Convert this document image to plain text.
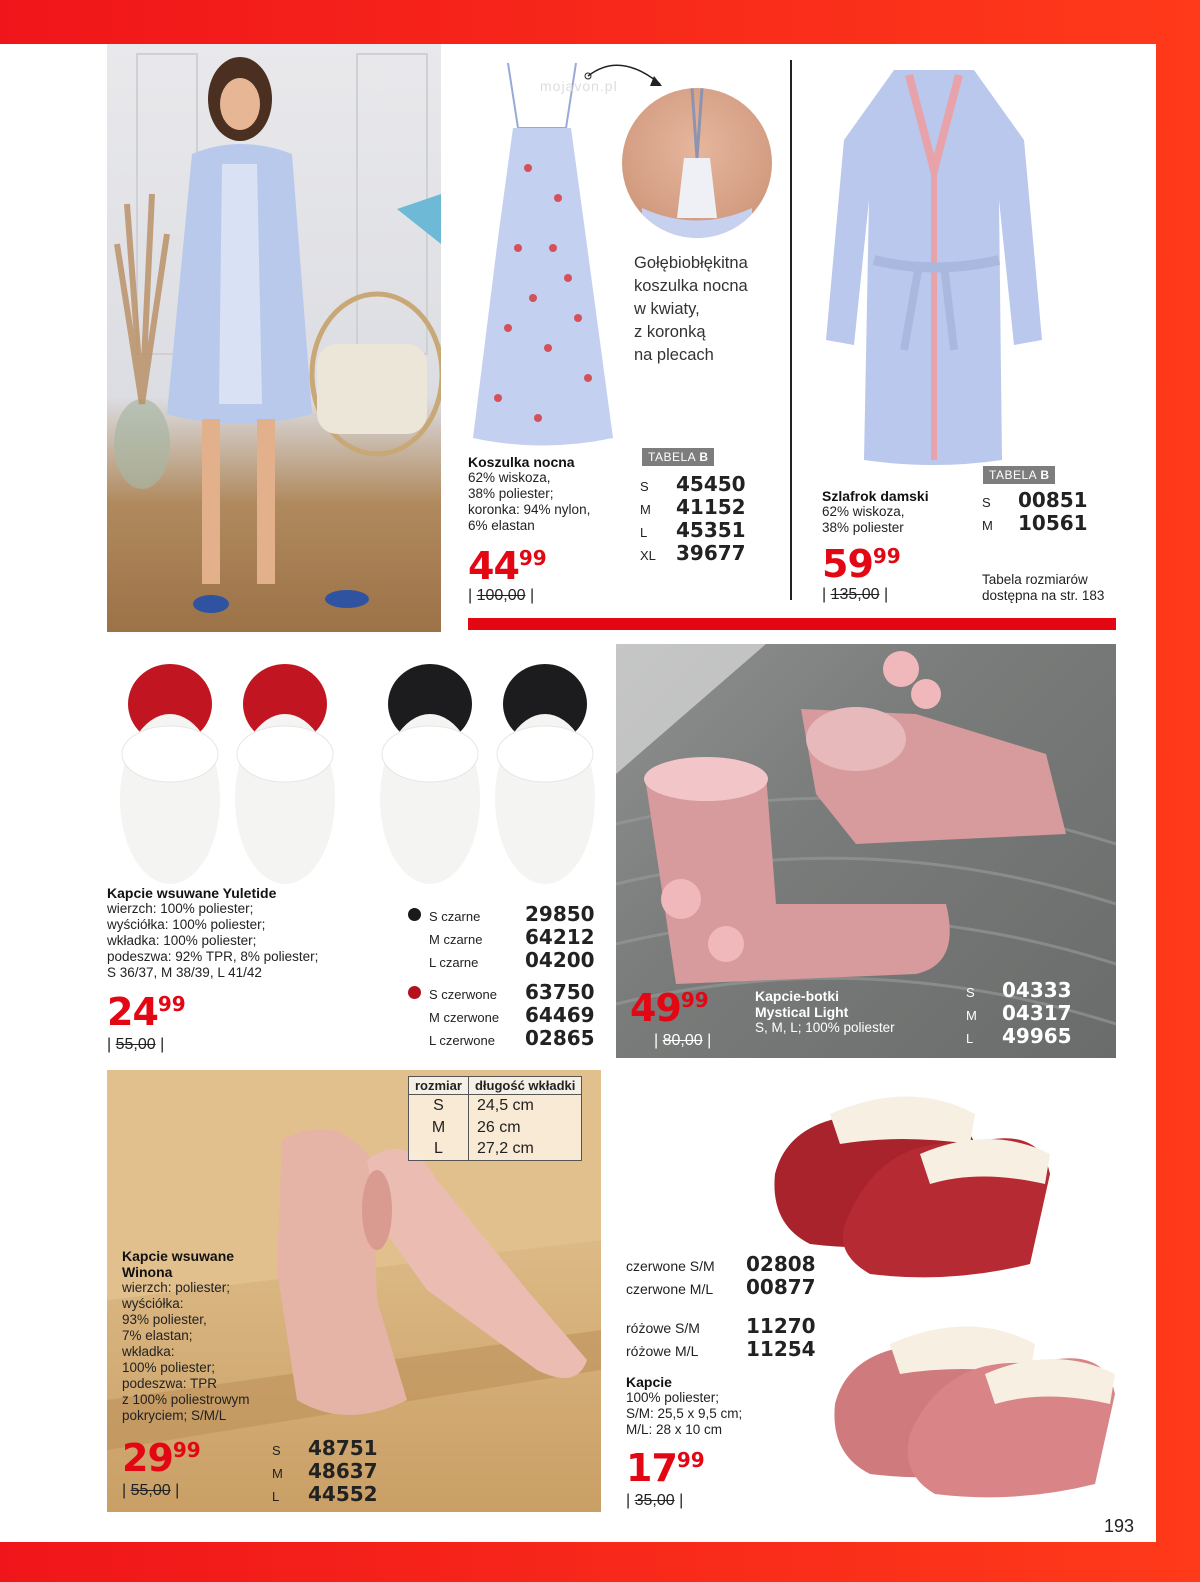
mojavon.pl
Gołębiobłękitna
koszulka nocna
w kwiaty,
z koronką
na plecach
Koszulka nocna
62% wiskoza,
38% poliester;
koronka: 94% nylon,
6% elastan
4499
| 100,00 |
TABELA B
S	45450
M	41152
L	45351
XL	39677
Szlafrok damski
62% wiskoza,
38% poliester
5999
| 135,00 |
TABELA B
S	00851
M	10561
Tabela rozmiarów
dostępna na str. 183
Kapcie wsuwane Yuletide
wierzch: 100% poliester;
wyściółka: 100% poliester;
wkładka: 100% poliester;
podeszwa: 92% TPR, 8% poliester;
S 36/37, M 38/39, L 41/42
2499
| 55,00 |
S czarne	29850
M czarne	64212
L czarne	04200
S czerwone	63750
M czerwone	64469
L czerwone	02865
4999
| 80,00 |
Kapcie-botki
Mystical Light
S, M, L; 100% poliester
S	04333
M	04317
L	49965
rozmiar	długość wkładki
S	24,5 cm
M	26 cm
L	27,2 cm
Kapcie wsuwane
Winona
wierzch: poliester;
wyściółka:
93% poliester,
7% elastan;
wkładka:
100% poliester;
podeszwa: TPR
z 100% poliestrowym
pokryciem; S/M/L
2999
| 55,00 |
S	48751
M	48637
L	44552
czerwone S/M	02808
czerwone M/L	00877
różowe S/M	11270
różowe M/L	11254
Kapcie
100% poliester;
S/M: 25,5 x 9,5 cm;
M/L: 28 x 10 cm
1799
| 35,00 |
193
